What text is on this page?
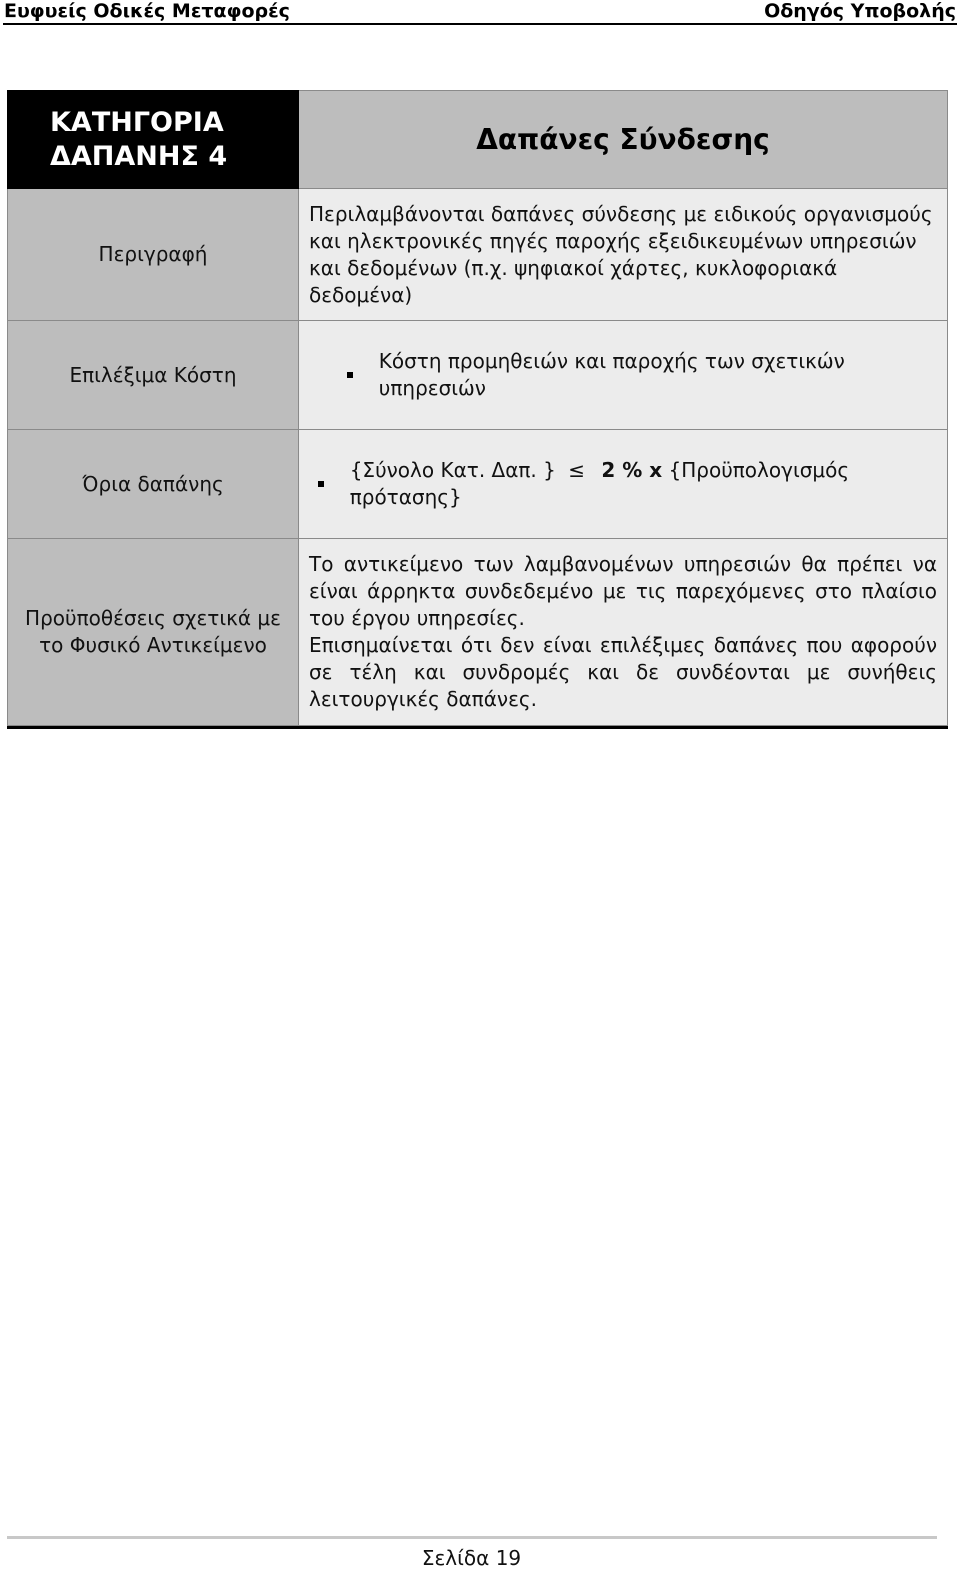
Ευφυείς Οδικές Μεταφορές	Οδηγός Υποβολής
ΚΑΤΗΓΟΡΙΑ
ΔΑΠΑΝΗΣ 4	Δαπάνες Σύνδεσης
Περιγραφή	Περιλαμβάνονται δαπάνες σύνδεσης με ειδικούς οργανισμούς και ηλεκτρονικές πηγές παροχής εξειδικευμένων υπηρεσιών και δεδομένων (π.χ. ψηφιακοί χάρτες, κυκλοφοριακά δεδομένα)
Επιλέξιμα Κόστη	Κόστη προμηθειών και παροχής των σχετικών υπηρεσιών

Όρια δαπάνης	{Σύνολο Κατ. Δαπ. } ≤ 2 % x {Προϋπολογισμός πρότασης}

Προϋποθέσεις σχετικά με το Φυσικό Αντικείμενο	Το αντικείμενο των λαμβανομένων υπηρεσιών θα πρέπει να είναι άρρηκτα συνδεδεμένο με τις παρεχόμενες στο πλαίσιο του έργου υπηρεσίες.
Επισημαίνεται ότι δεν είναι επιλέξιμες δαπάνες που αφορούν σε τέλη και συνδρομές και δε συνδέονται με συνήθεις λειτουργικές δαπάνες.
Σελίδα 19
